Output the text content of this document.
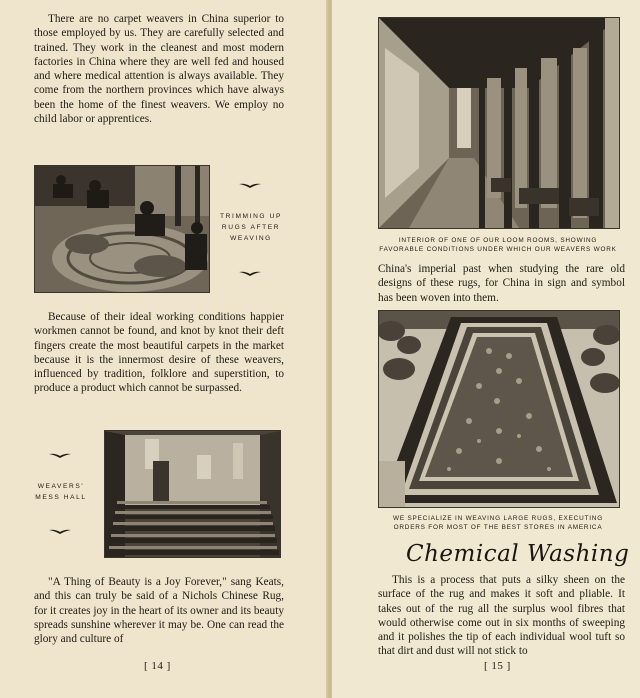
There are no carpet weavers in China superior to those employed by us. They are carefully selected and trained. They work in the cleanest and most modern factories in China where they are well fed and housed and where medical attention is always available. They come from the northern provinces which have always been the home of the finest weavers. We employ no child labor or apprentices.

TRIMMING UP RUGS AFTER WEAVING

Because of their ideal working conditions happier workmen cannot be found, and knot by knot their deft fingers create the most beautiful carpets in the market because it is the innermost desire of these weavers, influenced by tradition, folklore and superstition, to produce a product which cannot be surpassed.

WEAVERS' MESS HALL

"A Thing of Beauty is a Joy Forever," sang Keats, and this can truly be said of a Nichols Chinese Rug, for it creates joy in the heart of its owner and its beauty spreads sunshine wherever it may be. One can read the glory and culture of

[ 14 ]
INTERIOR OF ONE OF OUR LOOM ROOMS, SHOWING FAVORABLE CONDITIONS UNDER WHICH OUR WEAVERS WORK

China's imperial past when studying the rare old designs of these rugs, for China in sign and symbol has been woven into them.

WE SPECIALIZE IN WEAVING LARGE RUGS, EXECUTING ORDERS FOR MOST OF THE BEST STORES IN AMERICA
Chemical Washing

This is a process that puts a silky sheen on the surface of the rug and makes it soft and pliable. It takes out of the rug all the surplus wool fibres that would otherwise come out in six months of sweeping and it polishes the tip of each individual wool tuft so that dirt and dust will not stick to

[ 15 ]
